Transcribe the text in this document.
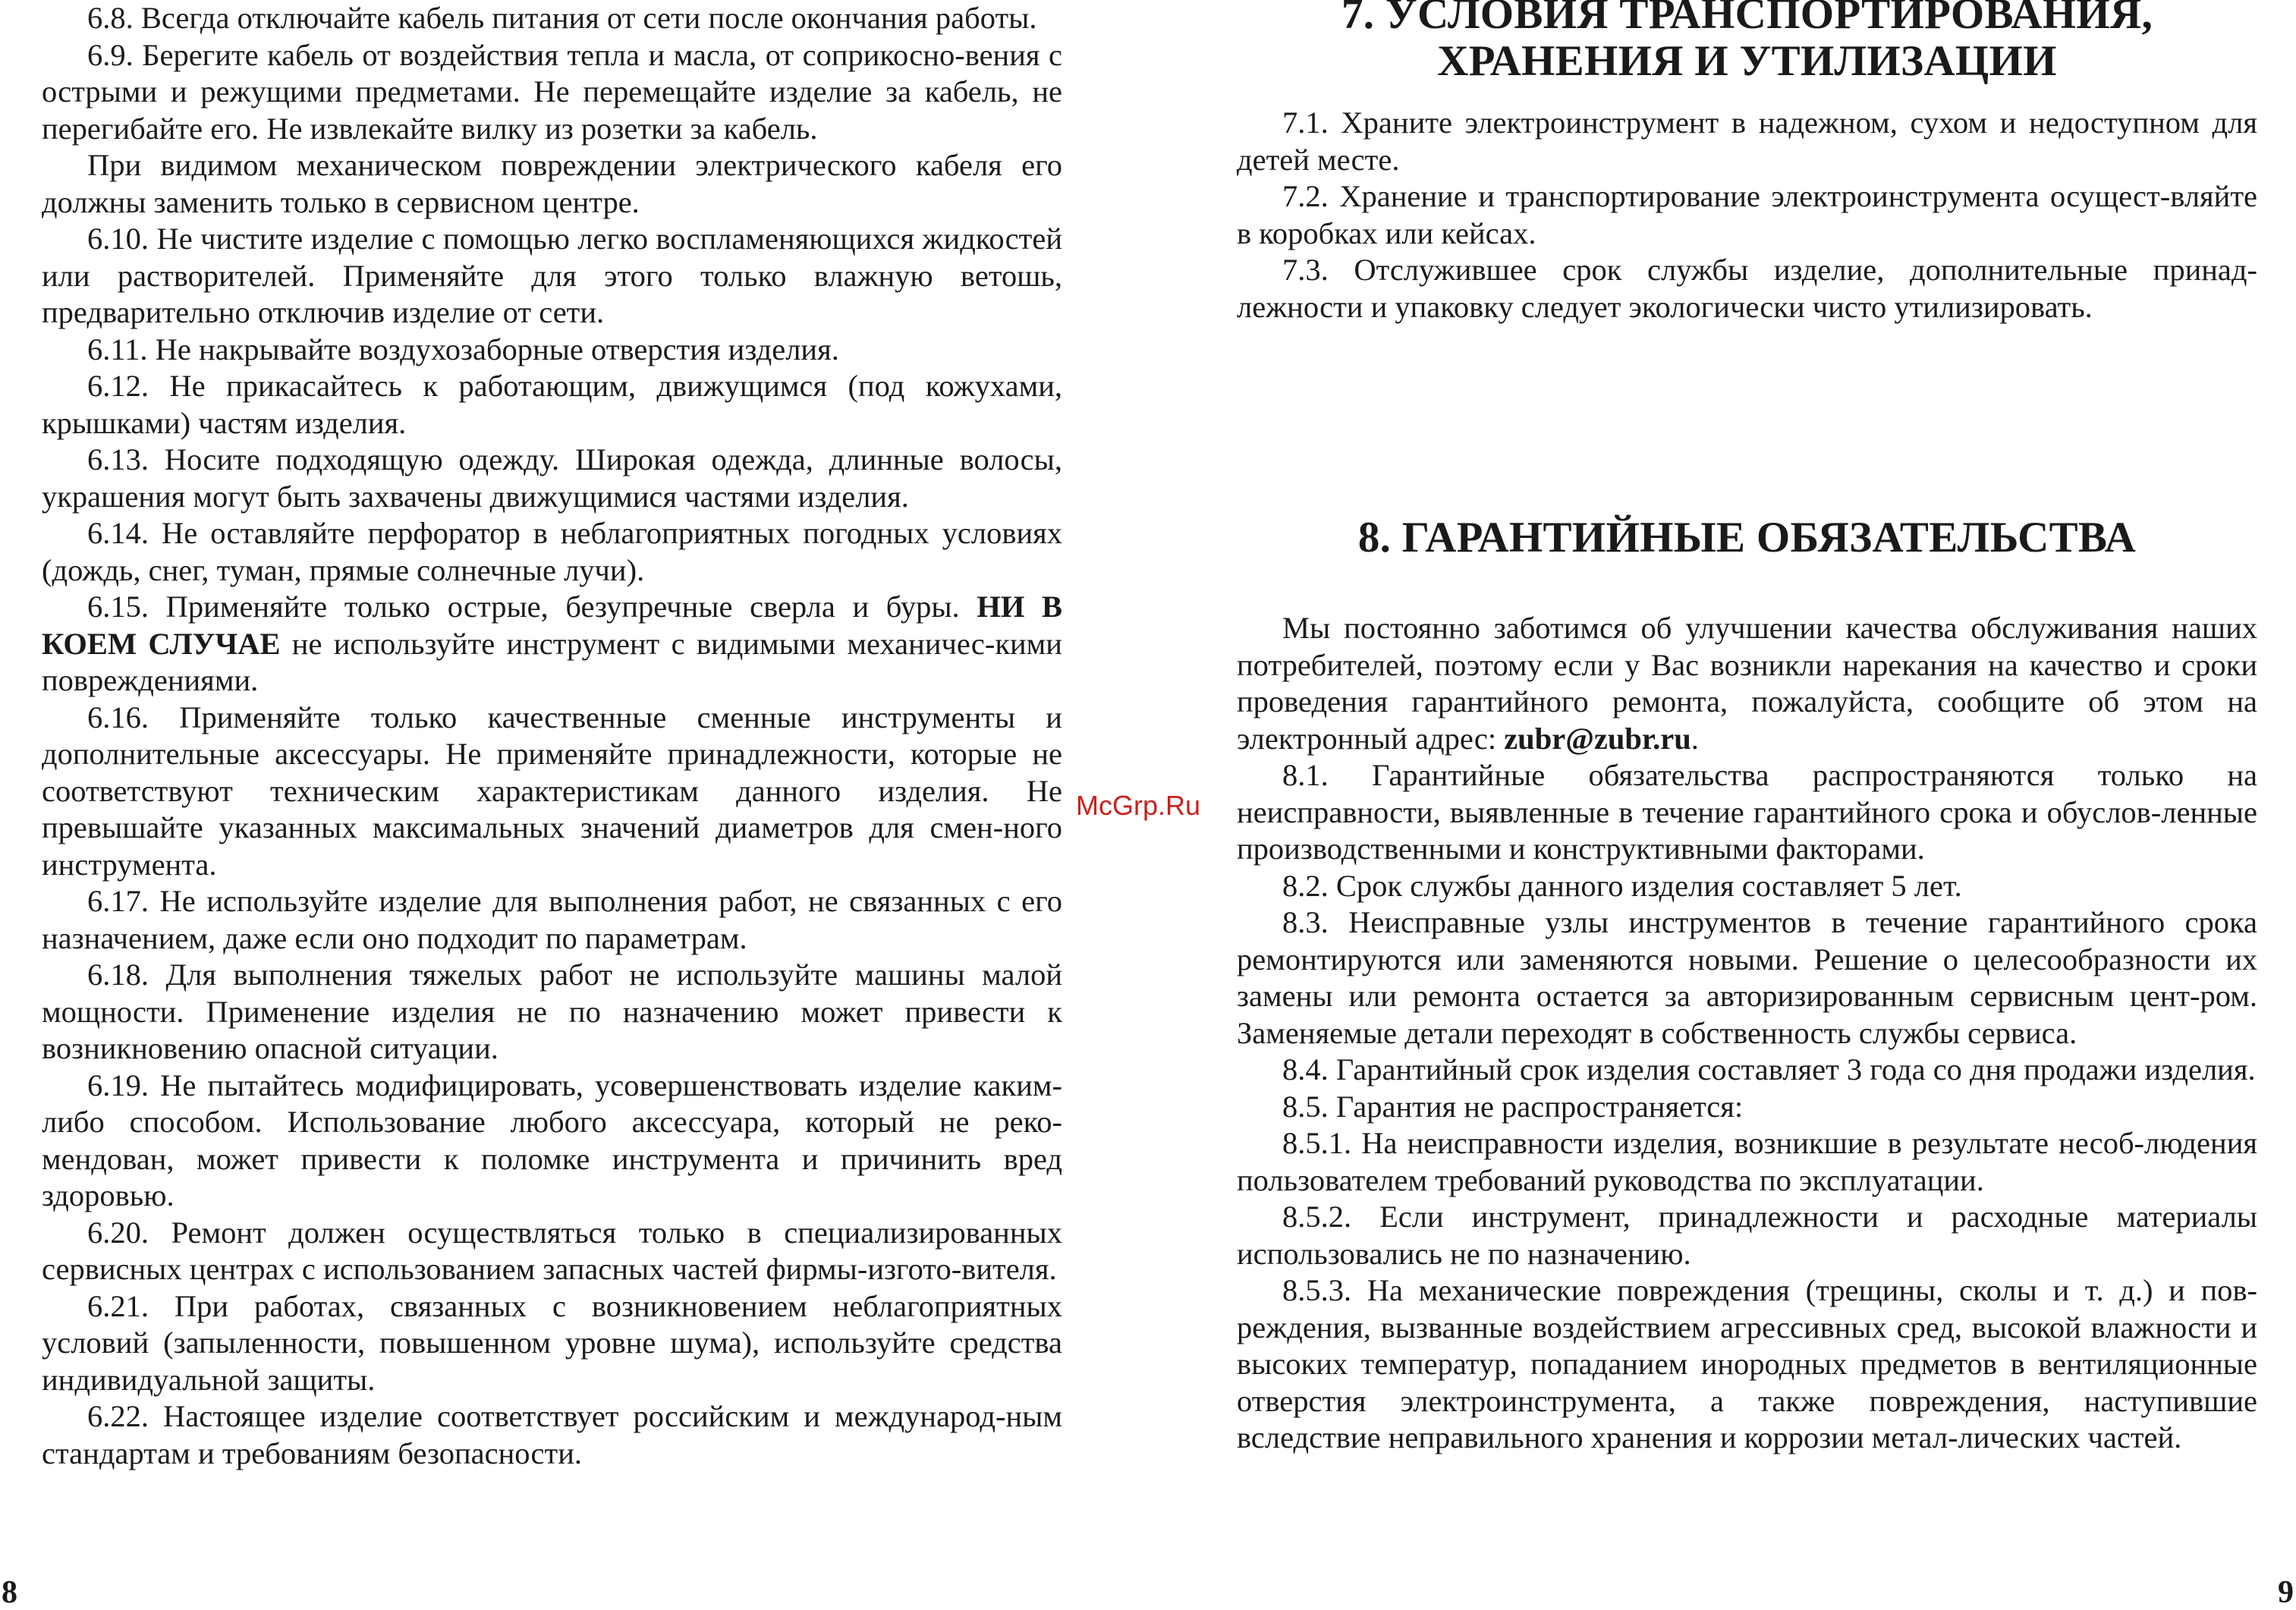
6.8. Всегда отключайте кабель питания от сети после окончания работы.

6.9. Берегите кабель от воздействия тепла и масла, от соприкосно-вения с острыми и режущими предметами. Не перемещайте изделие за кабель, не перегибайте его. Не извлекайте вилку из розетки за кабель.

При видимом механическом повреждении электрического кабеля его должны заменить только в сервисном центре.

6.10. Не чистите изделие с помощью легко воспламеняющихся жидкостей или растворителей. Применяйте для этого только влажную ветошь, предварительно отключив изделие от сети.

6.11. Не накрывайте воздухозаборные отверстия изделия.

6.12. Не прикасайтесь к работающим, движущимся (под кожухами, крышками) частям изделия.

6.13. Носите подходящую одежду. Широкая одежда, длинные волосы, украшения могут быть захвачены движущимися частями изделия.

6.14. Не оставляйте перфоратор в неблагоприятных погодных условиях (дождь, снег, туман, прямые солнечные лучи).

6.15. Применяйте только острые, безупречные сверла и буры. НИ В КОЕМ СЛУЧАЕ не используйте инструмент с видимыми механичес-кими повреждениями.

6.16. Применяйте только качественные сменные инструменты и дополнительные аксессуары. Не применяйте принадлежности, которые не соответствуют техническим характеристикам данного изделия. Не превышайте указанных максимальных значений диаметров для смен-ного инструмента.

6.17. Не используйте изделие для выполнения работ, не связанных с его назначением, даже если оно подходит по параметрам.

6.18. Для выполнения тяжелых работ не используйте машины малой мощности. Применение изделия не по назначению может привести к возникновению опасной ситуации.

6.19. Не пытайтесь модифицировать, усовершенствовать изделие каким-либо способом. Использование любого аксессуара, который не реко-мендован, может привести к поломке инструмента и причинить вред здоровью.

6.20. Ремонт должен осуществляться только в специализированных сервисных центрах с использованием запасных частей фирмы-изгото-вителя.

6.21. При работах, связанных с возникновением неблагоприятных условий (запыленности, повышенном уровне шума), используйте средства индивидуальной защиты.

6.22. Настоящее изделие соответствует российским и международ-ным стандартам и требованиям безопасности.

7. УСЛОВИЯ ТРАНСПОРТИРОВАНИЯ,
ХРАНЕНИЯ И УТИЛИЗАЦИИ

7.1. Храните электроинструмент в надежном, сухом и недоступном для детей месте.

7.2. Хранение и транспортирование электроинструмента осущест-вляйте в коробках или кейсах.

7.3. Отслужившее срок службы изделие, дополнительные принад-лежности и упаковку следует экологически чисто утилизировать.

8. ГАРАНТИЙНЫЕ ОБЯЗАТЕЛЬСТВА

Мы постоянно заботимся об улучшении качества обслуживания наших потребителей, поэтому если у Вас возникли нарекания на качество и сроки проведения гарантийного ремонта, пожалуйста, сообщите об этом на электронный адрес: zubr@zubr.ru.

8.1. Гарантийные обязательства распространяются только на неисправности, выявленные в течение гарантийного срока и обуслов-ленные производственными и конструктивными факторами.

8.2. Срок службы данного изделия составляет 5 лет.

8.3. Неисправные узлы инструментов в течение гарантийного срока ремонтируются или заменяются новыми. Решение о целесообразности их замены или ремонта остается за авторизированным сервисным цент-ром. Заменяемые детали переходят в собственность службы сервиса.

8.4. Гарантийный срок изделия составляет 3 года со дня продажи изделия.

8.5. Гарантия не распространяется:

8.5.1. На неисправности изделия, возникшие в результате несоб-людения пользователем требований руководства по эксплуатации.

8.5.2. Если инструмент, принадлежности и расходные материалы использовались не по назначению.

8.5.3. На механические повреждения (трещины, сколы и т. д.) и пов-реждения, вызванные воздействием агрессивных сред, высокой влажности и высоких температур, попаданием инородных предметов в вентиляционные отверстия электроинструмента, а также повреждения, наступившие вследствие неправильного хранения и коррозии метал-лических частей.

8	9
McGrp.Ru
